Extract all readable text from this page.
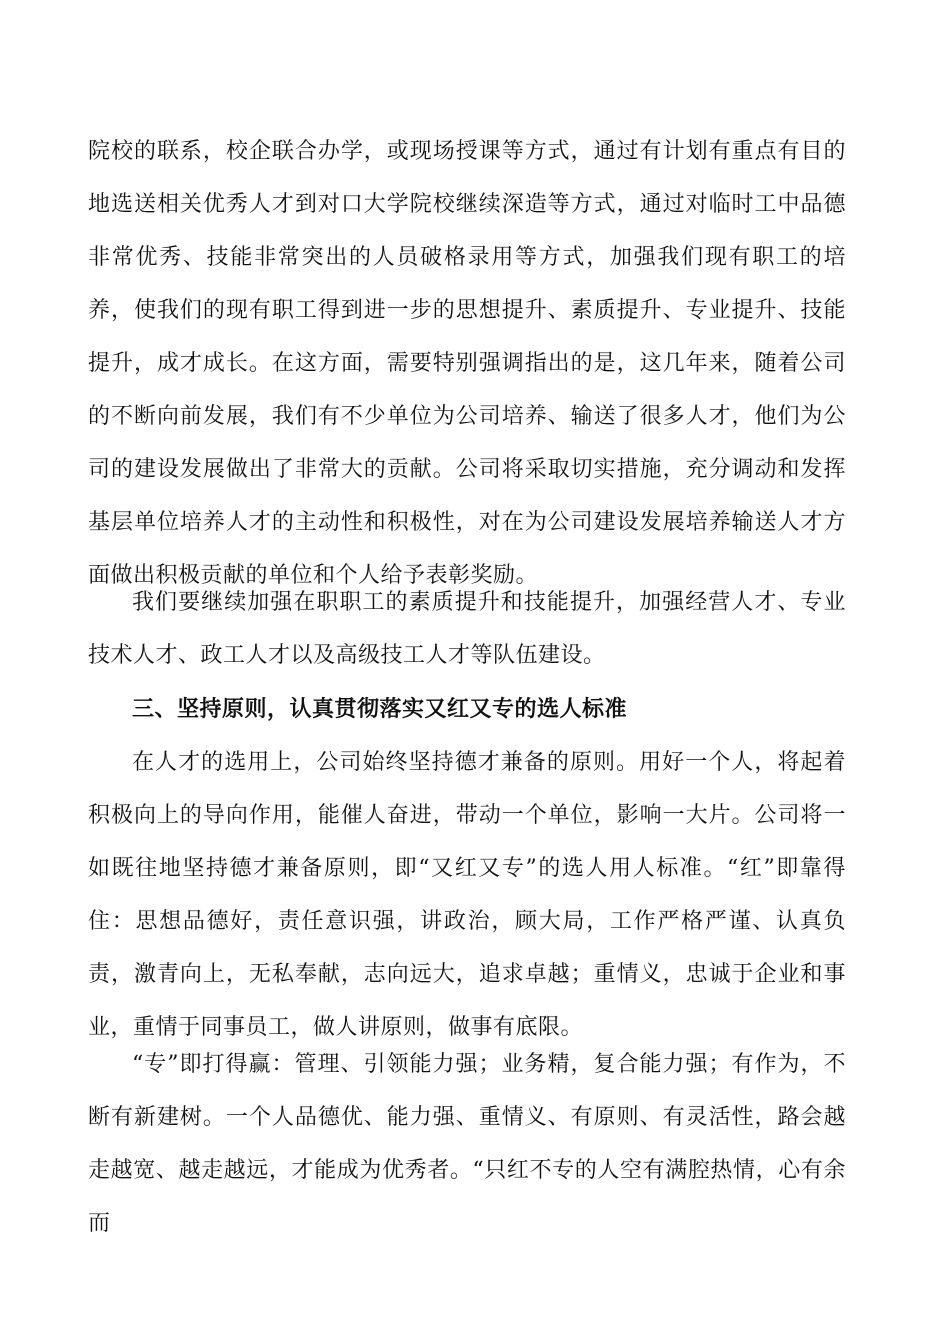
院校的联系，校企联合办学，或现场授课等方式，通过有计划有重点有目的地选送相关优秀人才到对口大学院校继续深造等方式，通过对临时工中品德非常优秀、技能非常突出的人员破格录用等方式，加强我们现有职工的培养，使我们的现有职工得到进一步的思想提升、素质提升、专业提升、技能提升，成才成长。在这方面，需要特别强调指出的是，这几年来，随着公司的不断向前发展，我们有不少单位为公司培养、输送了很多人才，他们为公司的建设发展做出了非常大的贡献。公司将采取切实措施，充分调动和发挥基层单位培养人才的主动性和积极性，对在为公司建设发展培养输送人才方面做出积极贡献的单位和个人给予表彰奖励。

我们要继续加强在职职工的素质提升和技能提升，加强经营人才、专业技术人才、政工人才以及高级技工人才等队伍建设。

三、坚持原则，认真贯彻落实又红又专的选人标准

在人才的选用上，公司始终坚持德才兼备的原则。用好一个人，将起着积极向上的导向作用，能催人奋进，带动一个单位，影响一大片。公司将一如既往地坚持德才兼备原则，即“又红又专”的选人用人标准。“红”即靠得住：思想品德好，责任意识强，讲政治，顾大局，工作严格严谨、认真负责，激青向上，无私奉献，志向远大，追求卓越；重情义，忠诚于企业和事业，重情于同事员工，做人讲原则，做事有底限。

“专”即打得赢：管理、引领能力强；业务精，复合能力强；有作为，不断有新建树。一个人品德优、能力强、重情义、有原则、有灵活性，路会越走越宽、越走越远，才能成为优秀者。“只红不专的人空有满腔热情，心有余而
